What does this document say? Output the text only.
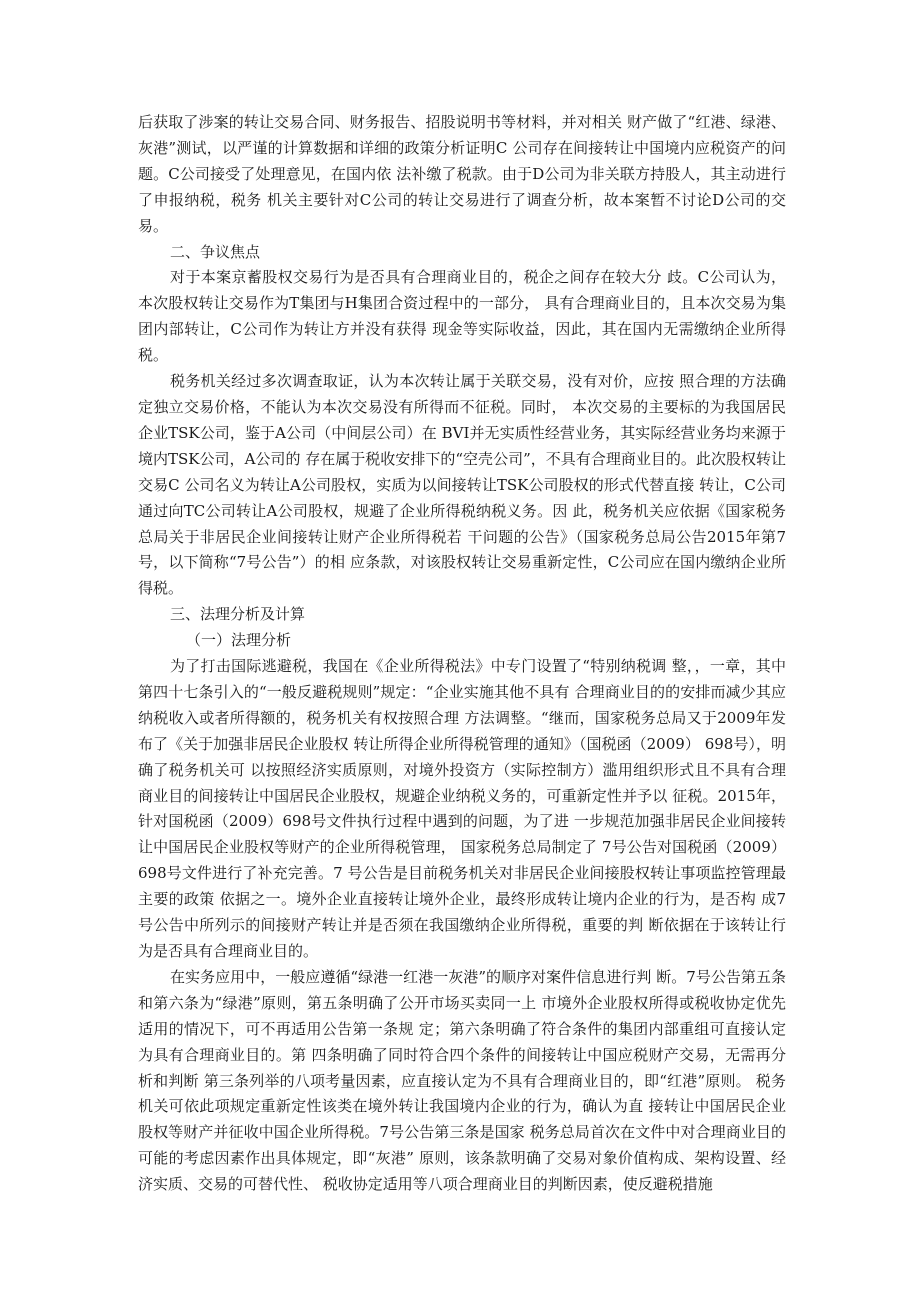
后获取了涉案的转让交易合同、财务报告、招股说明书等材料，并对相关 财产做了“红港、绿港、灰港”测试，以严谨的计算数据和详细的政策分析证明C 公司存在间接转让中国境内应税资产的问题。C公司接受了处理意见，在国内依 法补缴了税款。由于D公司为非关联方持股人，其主动进行了申报纳税，税务 机关主要针对C公司的转让交易进行了调查分析，故本案暂不讨论D公司的交 易。

二、争议焦点

对于本案京蓄股权交易行为是否具有合理商业目的，税企之间存在较大分 歧。C公司认为，本次股权转让交易作为T集团与H集团合资过程中的一部分， 具有合理商业目的，且本次交易为集团内部转让，C公司作为转让方并没有获得 现金等实际收益，因此，其在国内无需缴纳企业所得税。

税务机关经过多次调查取证，认为本次转让属于关联交易，没有对价，应按 照合理的方法确定独立交易价格，不能认为本次交易没有所得而不征税。同时， 本次交易的主要标的为我国居民企业TSK公司，鉴于A公司（中间层公司）在 BVI并无实质性经营业务，其实际经营业务均来源于境内TSK公司，A公司的 存在属于税收安排下的“空壳公司”，不具有合理商业目的。此次股权转让交易C 公司名义为转让A公司股权，实质为以间接转让TSK公司股权的形式代替直接 转让，C公司通过向TC公司转让A公司股权，规避了企业所得税纳税义务。因 此，税务机关应依据《国家税务总局关于非居民企业间接转让财产企业所得税若 干问题的公告》（国家税务总局公告2015年第7号，以下简称“7号公告”）的相 应条款，对该股权转让交易重新定性，C公司应在国内缴纳企业所得税。

三、法理分析及计算

（一）法理分析

为了打击国际逃避税，我国在《企业所得税法》中专门设置了“特别纳税调 整，，一章，其中第四十七条引入的“一般反避税规则”规定：“企业实施其他不具有 合理商业目的的安排而减少其应纳税收入或者所得额的，税务机关有权按照合理 方法调整。“继而，国家税务总局又于2009年发布了《关于加强非居民企业股权 转让所得企业所得税管理的通知》（国税函（2009） 698号），明确了税务机关可 以按照经济实质原则，对境外投资方（实际控制方）滥用组织形式且不具有合理 商业目的间接转让中国居民企业股权，规避企业纳税义务的，可重新定性并予以 征税。2015年，针对国税函（2009）698号文件执行过程中遇到的问题，为了进 一步规范加强非居民企业间接转让中国居民企业股权等财产的企业所得税管理， 国家税务总局制定了 7号公告对国税函（2009）698号文件进行了补充完善。7 号公告是目前税务机关对非居民企业间接股权转让事项监控管理最主要的政策 依据之一。境外企业直接转让境外企业，最终形成转让境内企业的行为，是否构 成7号公告中所列示的间接财产转让并是否须在我国缴纳企业所得税，重要的判 断依据在于该转让行为是否具有合理商业目的。

在实务应用中，一般应遵循“绿港一红港一灰港”的顺序对案件信息进行判 断。7号公告第五条和第六条为“绿港”原则，第五条明确了公开市场买卖同一上 市境外企业股权所得或税收协定优先适用的情况下，可不再适用公告第一条规 定；第六条明确了符合条件的集团内部重组可直接认定为具有合理商业目的。第 四条明确了同时符合四个条件的间接转让中国应税财产交易，无需再分析和判断 第三条列举的八项考量因素，应直接认定为不具有合理商业目的，即“红港”原则。 税务机关可依此项规定重新定性该类在境外转让我国境内企业的行为，确认为直 接转让中国居民企业股权等财产并征收中国企业所得税。7号公告第三条是国家 税务总局首次在文件中对合理商业目的可能的考虑因素作出具体规定，即“灰港” 原则，该条款明确了交易对象价值构成、架构设置、经济实质、交易的可替代性、 税收协定适用等八项合理商业目的判断因素，使反避税措施
